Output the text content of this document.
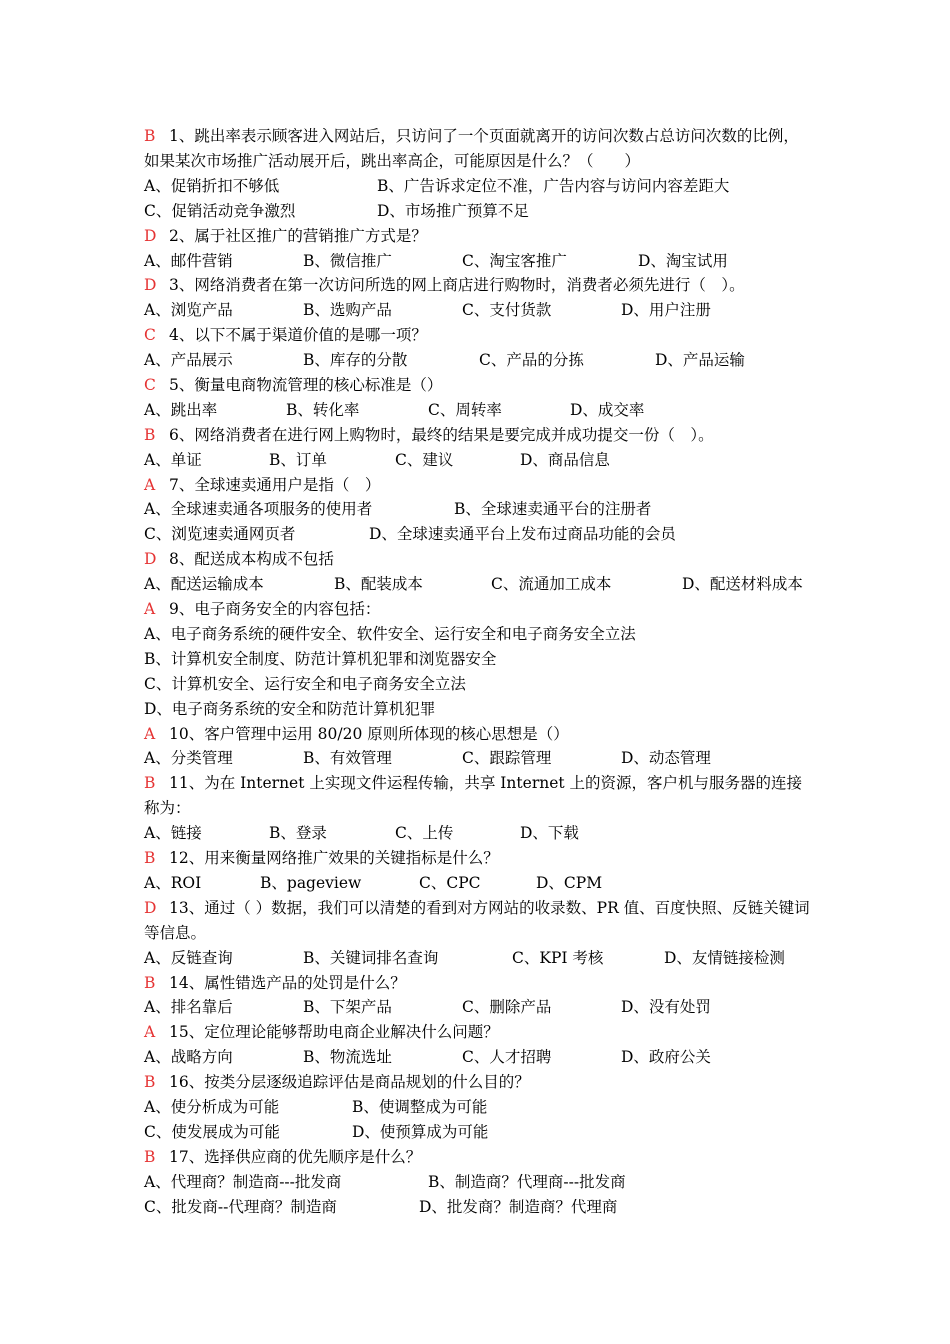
B 1、跳出率表示顾客进入网站后，只访问了一个页面就离开的访问次数占总访问次数的比例，如果某次市场推广活动展开后，跳出率高企，可能原因是什么？（　　）
A、促销折扣不够低	B、广告诉求定位不准，广告内容与访问内容差距大
C、促销活动竞争激烈	D、市场推广预算不足
D 2、属于社区推广的营销推广方式是？
A、邮件营销	B、微信推广	C、淘宝客推广	D、淘宝试用
D 3、网络消费者在第一次访问所选的网上商店进行购物时，消费者必须先进行（　）。
A、浏览产品	B、选购产品	C、支付货款	D、用户注册
C 4、以下不属于渠道价值的是哪一项？
A、产品展示	B、库存的分散	C、产品的分拣	D、产品运输
C 5、衡量电商物流管理的核心标准是（）
A、跳出率	B、转化率	C、周转率	D、成交率
B 6、网络消费者在进行网上购物时，最终的结果是要完成并成功提交一份（　）。
A、单证	B、订单	C、建议	D、商品信息
A 7、全球速卖通用户是指（　）
A、全球速卖通各项服务的使用者	B、全球速卖通平台的注册者
C、浏览速卖通网页者	D、全球速卖通平台上发布过商品功能的会员
D 8、配送成本构成不包括
A、配送运输成本	B、配装成本	C、流通加工成本	D、配送材料成本
A 9、电子商务安全的内容包括：
A、电子商务系统的硬件安全、软件安全、运行安全和电子商务安全立法
B、计算机安全制度、防范计算机犯罪和浏览器安全
C、计算机安全、运行安全和电子商务安全立法
D、电子商务系统的安全和防范计算机犯罪
A 10、客户管理中运用 80/20 原则所体现的核心思想是（）
A、分类管理	B、有效管理	C、跟踪管理	D、动态管理
B 11、为在 Internet 上实现文件运程传输，共享 Internet 上的资源，客户机与服务器的连接称为：
A、链接	B、登录	C、上传	D、下载
B 12、用来衡量网络推广效果的关键指标是什么？
A、ROI	B、pageview	C、CPC	D、CPM
D 13、通过（ ）数据，我们可以清楚的看到对方网站的收录数、PR 值、百度快照、反链关键词等信息。
A、反链查询	B、关键词排名查询	C、KPI 考核	D、友情链接检测
B 14、属性错选产品的处罚是什么？
A、排名靠后	B、下架产品	C、删除产品	D、没有处罚
A 15、定位理论能够帮助电商企业解决什么问题？
A、战略方向	B、物流选址	C、人才招聘	D、政府公关
B 16、按类分层逐级追踪评估是商品规划的什么目的？
A、使分析成为可能	B、使调整成为可能
C、使发展成为可能	D、使预算成为可能
B 17、选择供应商的优先顺序是什么？
A、代理商？制造商---批发商	B、制造商？代理商---批发商
C、批发商--代理商？制造商	D、批发商？制造商？代理商
